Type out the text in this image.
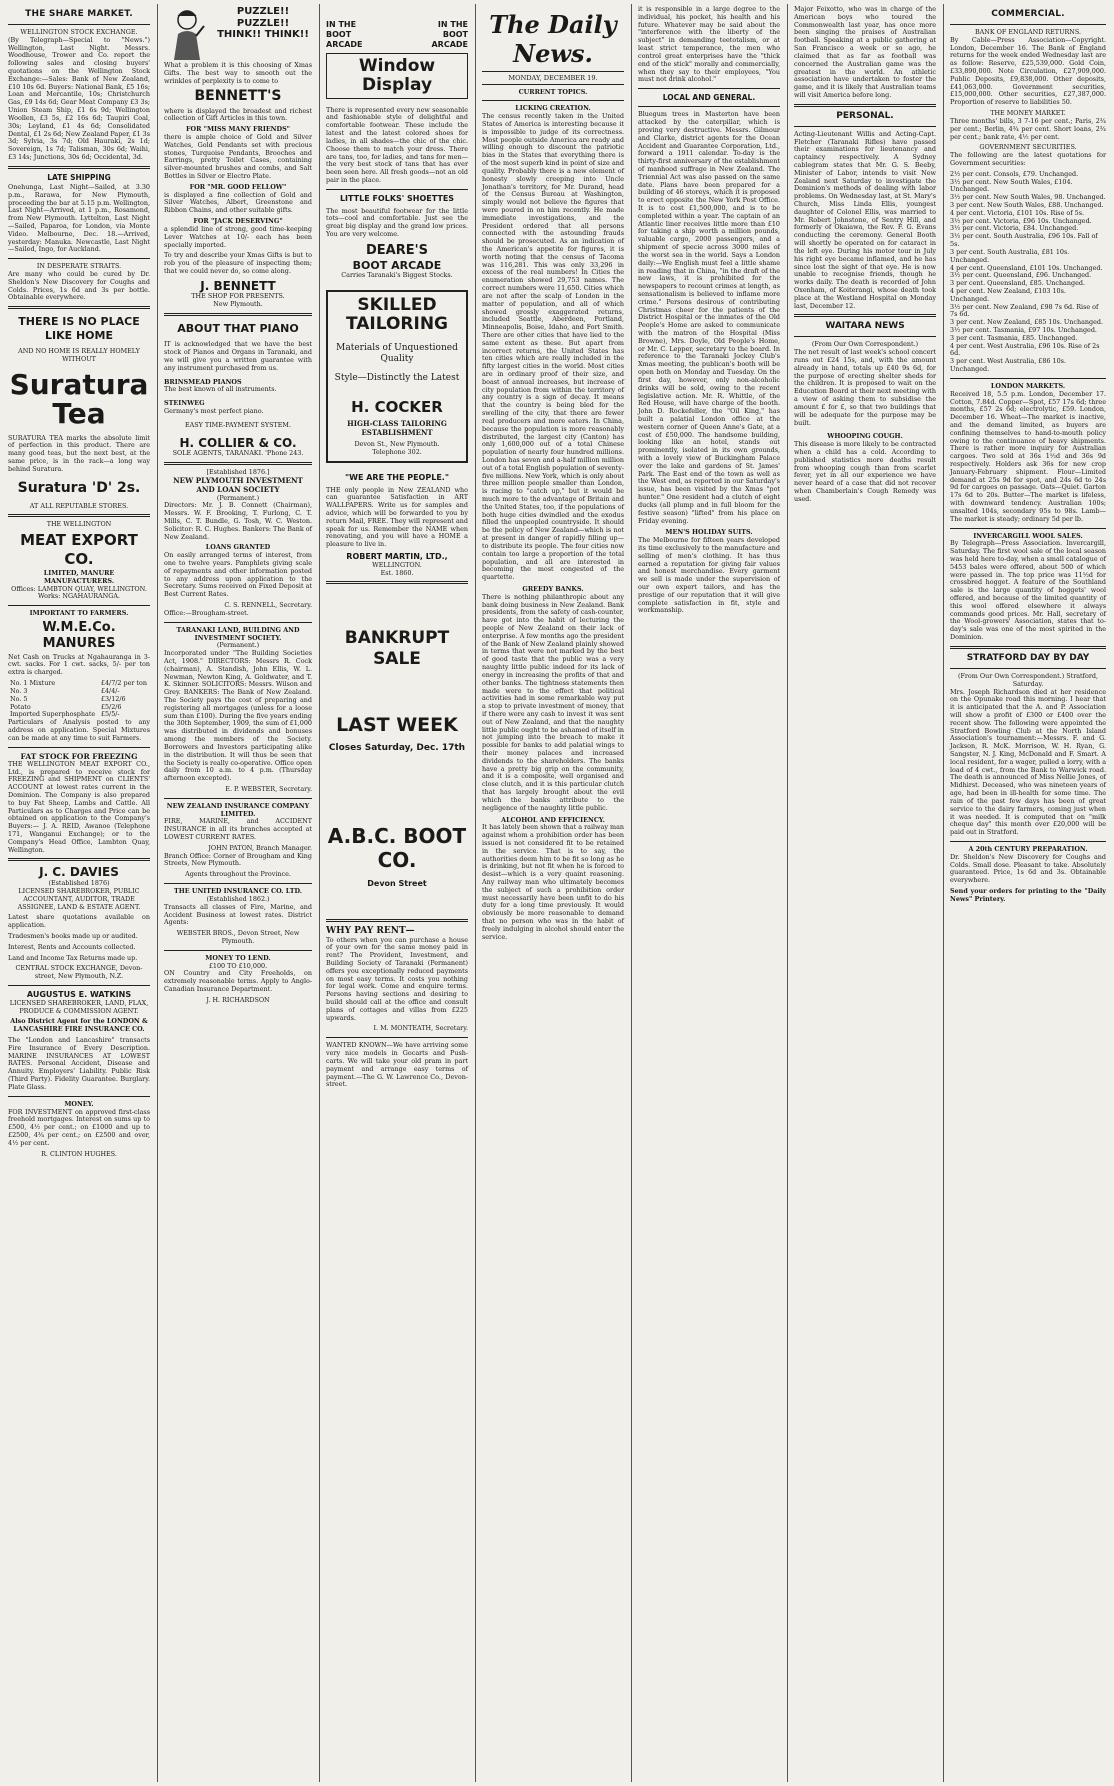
THE SHARE MARKET.
WELLINGTON STOCK EXCHANGE.

(By Telegraph—Special to "News.") Wellington, Last Night. Messrs. Woodhouse, Trower and Co. report the following sales and closing buyers' quotations on the Wellington Stock Exchange:—Sales: Bank of New Zealand, £10 10s 6d. Buyers: National Bank, £5 16s; Loan and Mercantile, 10s; Christchurch Gas, £9 14s 6d; Gear Meat Company £3 3s; Union Steam Ship, £1 6s 9d; Wellington Woollen, £3 5s, £2 16s 6d; Taupiri Coal, 30s; Leyland, £1 4s 6d; Consolidated Dental, £1 2s 6d; New Zealand Paper, £1 3s 3d; Sylvia, 3s 7d; Old Hauraki, 2s 1d; Sovereign, 1s 7d; Talisman, 30s 6d; Waihi, £3 14s; Junctions, 30s 6d; Occidental, 3d.

LATE SHIPPING

Onehunga, Last Night—Sailed, at 3.30 p.m., Rarawa, for New Plymouth, proceeding the bar at 5.15 p.m. Wellington, Last Night—Arrived, at 1 p.m., Rosamond, from New Plymouth. Lyttelton, Last Night—Sailed, Paparoa, for London, via Monte Video. Melbourne, Dec. 18.—Arrived, yesterday: Manuka. Newcastle, Last Night—Sailed, Ingo, for Auckland.

IN DESPERATE STRAITS.

Are many who could be cured by Dr. Sheldon's New Discovery for Coughs and Colds. Prices, 1s 6d and 3s per bottle. Obtainable everywhere.

THERE IS NO PLACE LIKE HOME
AND NO HOME IS REALLY HOMELY WITHOUT
Suratura Tea

SURATURA TEA marks the absolute limit of perfection in this product. There are many good teas, but the next best, at the same price, is in the rack—a long way behind Suratura.

Suratura 'D' 2s.
AT ALL REPUTABLE STORES.
THE WELLINGTON
MEAT EXPORT CO.
LIMITED, MANURE MANUFACTURERS.
Offices: LAMBTON QUAY, WELLINGTON. Works: NGAHAURANGA.
IMPORTANT TO FARMERS.
W.M.E.Co. MANURES

Net Cash on Trucks at Ngahauranga in 3-cwt. sacks. For 1 cwt. sacks, 5/- per ton extra is charged.

No. 1 Mixture	£4/7/2 per ton
No. 3	£4/4/-
No. 5	£3/12/6
Potato	£5/2/6
Imported Superphosphate	£5/5/-

Particulars of Analysis posted to any address on application. Special Mixtures can be made at any time to suit Farmers.

FAT STOCK FOR FREEZING

THE WELLINGTON MEAT EXPORT CO., Ltd., is prepared to receive stock for FREEZING and SHIPMENT on CLIENTS' ACCOUNT at lowest rates current in the Dominion. The Company is also prepared to buy Fat Sheep, Lambs and Cattle. All Particulars as to Charges and Price can be obtained on application to the Company's Buyers:— J. A. REID, Awanoe (Telephone 171, Wanganui Exchange); or to the Company's Head Office, Lambton Quay, Wellington.

J. C. DAVIES
(Established 1876)

LICENSED SHAREBROKER, PUBLIC ACCOUNTANT, AUDITOR, TRADE ASSIGNEE, LAND & ESTATE AGENT.

Latest share quotations available on application.

Tradesmen's books made up or audited.

Interest, Rents and Accounts collected.

Land and Income Tax Returns made up.

CENTRAL STOCK EXCHANGE, Devon-street, New Plymouth, N.Z.

AUGUSTUS E. WATKINS

LICENSED SHAREBROKER, LAND, FLAX, PRODUCE & COMMISSION AGENT.

Also District Agent for the LONDON & LANCASHIRE FIRE INSURANCE CO.

The "London and Lancashire" transacts Fire Insurance of Every Description. MARINE INSURANCES AT LOWEST RATES. Personal Accident, Disease and Annuity. Employers' Liability. Public Risk (Third Party). Fidelity Guarantee. Burglary. Plate Glass.

MONEY.

FOR INVESTMENT on approved first-class freehold mortgages. Interest on sums up to £500, 4½ per cent.; on £1000 and up to £2500, 4¾ per cent.; on £2500 and over, 4½ per cent.

R. CLINTON HUGHES.
PUZZLE!! PUZZLE!! THINK!! THINK!!

What a problem it is this choosing of Xmas Gifts. The best way to smooth out the wrinkles of perplexity is to come to

BENNETT'S

where is displayed the broadest and richest collection of Gift Articles in this town.

FOR "MISS MANY FRIENDS"

there is ample choice of Gold and Silver Watches, Gold Pendants set with precious stones, Turquoise Pendants, Brooches and Earrings, pretty Toilet Cases, containing silver-mounted brushes and combs, and Salt Bottles in Silver or Electro Plate.

FOR "MR. GOOD FELLOW"

is displayed a fine collection of Gold and Silver Watches, Albert, Greenstone and Ribbon Chains, and other suitable gifts.

FOR "JACK DESERVING"

a splendid line of strong, good time-keeping Lever Watches at 10/- each has been specially imported.

To try and describe your Xmas Gifts is but to rob you of the pleasure of inspecting them; that we could never do, so come along.

J. BENNETT
THE SHOP FOR PRESENTS.
New Plymouth.
ABOUT THAT PIANO

IT is acknowledged that we have the best stock of Pianos and Organs in Taranaki, and we will give you a written guarantee with any instrument purchased from us.

BRINSMEAD PIANOS

The best known of all instruments.

STEINWEG

Germany's most perfect piano.

EASY TIME-PAYMENT SYSTEM.
H. COLLIER & CO.
SOLE AGENTS, TARANAKI. 'Phone 243.
[Established 1876.]
NEW PLYMOUTH INVESTMENT AND LOAN SOCIETY
(Permanent.)

Directors: Mr. J. B. Connett (Chairman), Messrs. W. F. Brooking, T. Furlong, C. T. Mills, C. T. Bundle, G. Tosh, W. C. Weston. Solicitor: R. C. Hughes. Bankers: The Bank of New Zealand.

LOANS GRANTED

On easily arranged terms of interest, from one to twelve years. Pamphlets giving scale of repayments and other information posted to any address upon application to the Secretary. Sums received on Fixed Deposit at Best Current Rates.

C. S. RENNELL, Secretary.
Office:—Brougham-street.
TARANAKI LAND, BUILDING AND INVESTMENT SOCIETY.
(Permanent.)

Incorporated under "The Building Societies Act, 1908." DIRECTORS: Messrs R. Cock (chairman), A. Standish, John Ellis, W. L. Newman, Newton King, A. Goldwater, and T. K. Skinner. SOLICITORS: Messrs. Wilson and Grey. BANKERS: The Bank of New Zealand. The Society pays the cost of preparing and registering all mortgages (unless for a loose sum than £100). During the five years ending the 30th September, 1909, the sum of £1,000 was distributed in dividends and bonuses among the members of the Society. Borrowers and Investors participating alike in the distribution. It will thus be seen that the Society is really co-operative. Office open daily from 10 a.m. to 4 p.m. (Thursday afternoon excepted).

E. P. WEBSTER, Secretary.
NEW ZEALAND INSURANCE COMPANY LIMITED.

FIRE, MARINE, and ACCIDENT INSURANCE in all its branches accepted at LOWEST CURRENT RATES.

JOHN PATON, Branch Manager.

Branch Office: Corner of Brougham and King Streets, New Plymouth.

Agents throughout the Province.
THE UNITED INSURANCE CO. LTD.
(Established 1862.)

Transacts all classes of Fire, Marine, and Accident Business at lowest rates. District Agents:

WEBSTER BROS., Devon Street, New Plymouth.
MONEY TO LEND.
£100 TO £10,000.

ON Country and City Freeholds, on extremely reasonable terms. Apply to Anglo-Canadian Insurance Department.

J. H. RICHARDSON
IN THE BOOT ARCADE
IN THE BOOT ARCADE
Window Display

There is represented every new seasonable and fashionable style of delightful and comfortable footwear. These include the latest and the latest colored shoes for ladies, in all shades—the chic of the chic. Choose them to match your dress. There are tans, too, for ladies, and tans for men—the very best stock of tans that has ever been seen here. All fresh goods—not an old pair in the place.

LITTLE FOLKS' SHOETTES

The most beautiful footwear for the little tots—cool and comfortable. Just see the great big display and the grand low prices. You are very welcome.

DEARE'S
BOOT ARCADE
Carries Taranaki's Biggest Stocks.
SKILLED TAILORING
Materials of Unquestioned Quality
Style—Distinctly the Latest
H. COCKER
HIGH-CLASS TAILORING ESTABLISHMENT
Devon St., New Plymouth.
Telephone 302.
"WE ARE THE PEOPLE."

THE only people in New ZEALAND who can guarantee Satisfaction in ART WALLPAPERS. Write us for samples and advice, which will be forwarded to you by return Mail, FREE. They will represent and speak for us. Remember the NAME when renovating, and you will have a HOME a pleasure to live in.

ROBERT MARTIN, LTD.,
WELLINGTON.
Est. 1860.
BANKRUPT SALE
LAST WEEK
Closes Saturday, Dec. 17th
A.B.C. BOOT CO.
Devon Street
WHY PAY RENT—

To others when you can purchase a house of your own for the same money paid in rent? The Provident, Investment, and Building Society of Taranaki (Permanent) offers you exceptionally reduced payments on most easy terms. It costs you nothing for legal work. Come and enquire terms. Persons having sections and desiring to build should call at the office and consult plans of cottages and villas from £225 upwards.

I. M. MONTEATH, Secretary.

WANTED KNOWN—We have arriving some very nice models in Gocarts and Push-carts. We will take your old pram in part payment and arrange easy terms of payment.—The G. W. Lawrence Co., Devon-street.

The Daily News.
MONDAY, DECEMBER 19.
CURRENT TOPICS.
LICKING CREATION.

The census recently taken in the United States of America is interesting because it is impossible to judge of its correctness. Most people outside America are ready and willing enough to discount the patriotic bias in the States that everything there is of the most superb kind in point of size and quality. Probably there is a new element of honesty slowly creeping into Uncle Jonathan's territory, for Mr. Durand, head of the Census Bureau at Washington, simply would not believe the figures that were poured in on him recently. He made immediate investigations, and the President ordered that all persons connected with the astounding frauds should be prosecuted. As an indication of the American's appetite for figures, it is worth noting that the census of Tacoma was 116,281. This was only 33,296 in excess of the real numbers! In Cities the enumeration showed 29,753 names. The correct numbers were 11,650. Cities which are not after the scalp of London in the matter of population, and all of which showed grossly exaggerated returns, included Seattle, Aberdeen, Portland, Minneapolis, Boise, Idaho, and Fort Smith. There are other cities that have lied to the same extent as these. But apart from incorrect returns, the United States has ten cities which are really included in the fifty largest cities in the world. Most cities are in ordinary proof of their size, and boast of annual increases, but increase of city population from within the territory of any country is a sign of decay. It means that the country is being bled for the swelling of the city, that there are fewer real producers and more eaters. In China, because the population is more reasonably distributed, the largest city (Canton) has only 1,600,000 out of a total Chinese population of nearly four hundred millions. London has seven and a-half million million out of a total English population of seventy-five millions. New York, which is only about three million people smaller than London, is racing to "catch up," but it would be much more to the advantage of Britain and the United States, too, if the populations of both huge cities dwindled and the exodus filled the unpeopled countryside. It should be the policy of New Zealand—which is not at present in danger of rapidly filling up—to distribute its people. The four cities now contain too large a proportion of the total population, and all are interested in becoming the most congested of the quartette.

GREEDY BANKS.

There is nothing philanthropic about any bank doing business in New Zealand. Bank presidents, from the safety of cash-counter, have got into the habit of lecturing the people of New Zealand on their lack of enterprise. A few months ago the president of the Bank of New Zealand plainly showed in terms that were not marked by the best of good taste that the public was a very naughty little public indeed for its lack of energy in increasing the profits of that and other banks. The tightness statements then made were to the effect that political activities had in some remarkable way put a stop to private investment of money, that if there were any cash to invest it was sent out of New Zealand, and that the naughty little public ought to be ashamed of itself in not jumping into the breach to make it possible for banks to add palatial wings to their money palaces and increased dividends to the shareholders. The banks have a pretty big grip on the community, and it is a composite, well organised and close clutch, and it is this particular clutch that has largely brought about the evil which the banks attribute to the negligence of the naughty little public.

ALCOHOL AND EFFICIENCY.

It has lately been shown that a railway man against whom a prohibition order has been issued is not considered fit to be retained in the service. That is to say, the authorities deem him to be fit so long as he is drinking, but not fit when he is forced to desist—which is a very quaint reasoning. Any railway man who ultimately becomes the subject of such a prohibition order must necessarily have been unfit to do his duty for a long time previously. It would obviously be more reasonable to demand that no person who was in the habit of freely indulging in alcohol should enter the service.

it is responsible in a large degree to the individual, his pocket, his health and his future. Whatever may be said about the "interference with the liberty of the subject" in demanding teetotalism, or at least strict temperance, the men who control great enterprises have the "thick end of the stick" morally and commercially, when they say to their employees, "You must not drink alcohol."

LOCAL AND GENERAL.

Bluegum trees in Masterton have been attacked by the caterpillar, which is proving very destructive. Messrs. Gilmour and Clarke, district agents for the Ocean Accident and Guarantee Corporation, Ltd., forward a 1911 calendar. To-day is the thirty-first anniversary of the establishment of manhood suffrage in New Zealand. The Triennial Act was also passed on the same date. Plans have been prepared for a building of 46 storeys, which it is proposed to erect opposite the New York Post Office. It is to cost £1,500,000, and is to be completed within a year. The captain of an Atlantic liner receives little more than £10 for taking a ship worth a million pounds, valuable cargo, 2000 passengers, and a shipment of specie across 3000 miles of the worst sea in the world. Says a London daily:—We English must feel a little shame in reading that in China, "in the draft of the new laws, it is prohibited for the newspapers to recount crimes at length, as sensationalism is believed to inflame more crime." Persons desirous of contributing Christmas cheer for the patients of the District Hospital or the inmates of the Old People's Home are asked to communicate with the matron of the Hospital (Miss Browne), Mrs. Doyle, Old People's Home, or Mr. C. Lepper, secretary to the board. In reference to the Taranaki Jockey Club's Xmas meeting, the publican's booth will be open both on Monday and Tuesday. On the first day, however, only non-alcoholic drinks will be sold, owing to the recent legislative action. Mr. R. Whittle, of the Red House, will have charge of the booth. John D. Rockefeller, the "Oil King," has built a palatial London office at the western corner of Queen Anne's Gate, at a cost of £50,000. The handsome building, looking like an hotel, stands out prominently, isolated in its own grounds, with a lovely view of Buckingham Palace over the lake and gardens of St. James' Park. The East end of the town as well as the West end, as reported in our Saturday's issue, has been visited by the Xmas "pot hunter." One resident had a clutch of eight ducks (all plump and in full bloom for the festive season) "lifted" from his place on Friday evening.

MEN'S HOLIDAY SUITS.

The Melbourne for fifteen years developed its time exclusively to the manufacture and selling of men's clothing. It has thus earned a reputation for giving fair values and honest merchandise. Every garment we sell is made under the supervision of our own expert tailors, and has the prestige of our reputation that it will give complete satisfaction in fit, style and workmanship.

Major Feixotto, who was in charge of the American boys who toured the Commonwealth last year, has once more been singing the praises of Australian football. Speaking at a public gathering at San Francisco a week or so ago, he claimed that as far as football was concerned the Australian game was the greatest in the world. An athletic association have undertaken to foster the game, and it is likely that Australian teams will visit America before long.

PERSONAL.

Acting-Lieutenant Willis and Acting-Capt. Fletcher (Taranaki Rifles) have passed their examinations for lieutenancy and captaincy respectively. A Sydney cablegram states that Mr. G. S. Beeby, Minister of Labor, intends to visit New Zealand next Saturday to investigate the Dominion's methods of dealing with labor problems. On Wednesday last, at St. Mary's Church, Miss Linda Ellis, youngest daughter of Colonel Ellis, was married to Mr. Robert Johnstone, of Sentry Hill, and formerly of Okaiawa, the Rev. F. G. Evans conducting the ceremony. General Booth will shortly be operated on for cataract in the left eye. During his motor tour in July his right eye became inflamed, and he has since lost the sight of that eye. He is now unable to recognise friends, though he works daily. The death is recorded of John Oxenham, of Koiterangi, whose death took place at the Westland Hospital on Monday last, December 12.

WAITARA NEWS
(From Our Own Correspondent.)

The net result of last week's school concert runs out £24 15s, and, with the amount already in hand, totals up £40 9s 6d, for the purpose of erecting shelter sheds for the children. It is proposed to wait on the Education Board at their next meeting with a view of asking them to subsidise the amount £ for £, so that two buildings that will be adequate for the purpose may be built.

WHOOPING COUGH.

This disease is more likely to be contracted when a child has a cold. According to published statistics more deaths result from whooping cough than from scarlet fever, yet in all our experience we have never heard of a case that did not recover when Chamberlain's Cough Remedy was used.

COMMERCIAL.
BANK OF ENGLAND RETURNS.

By Cable—Press Association—Copyright. London, December 16. The Bank of England returns for the week ended Wednesday last are as follow: Reserve, £25,539,000. Gold Coin, £33,890,000. Note Circulation, £27,909,000. Public Deposits, £9,838,000. Other deposits, £41,063,000. Government securities, £15,000,000. Other securities, £27,387,000. Proportion of reserve to liabilities 50.

THE MONEY MARKET.

Three months' bills, 3 7-16 per cent.; Paris, 2¾ per cent.; Berlin, 4¾ per cent. Short loans, 2¾ per cent.; bank rate, 4½ per cent.

GOVERNMENT SECURITIES.

The following are the latest quotations for Government securities:

2½ per cent. Consols, £79. Unchanged.
3½ per cent. New South Wales, £104. Unchanged.
3½ per cent. New South Wales, 98. Unchanged.
3 per cent. New South Wales, £88. Unchanged.
4 per cent. Victoria, £101 10s. Rise of 5s.
3½ per cent. Victoria, £96 10s. Unchanged.
3½ per cent. Victoria, £84. Unchanged.
3½ per cent. South Australia, £96 10s. Fall of 5s.
3 per cent. South Australia, £81 10s. Unchanged.
4 per cent. Queensland, £101 10s. Unchanged.
3½ per cent. Queensland, £96. Unchanged.
3 per cent. Queensland, £85. Unchanged.
4 per cent. New Zealand, £103 10s. Unchanged.
3½ per cent. New Zealand, £98 7s 6d. Rise of 7s 6d.
3 per cent. New Zealand, £85 10s. Unchanged.
3½ per cent. Tasmania, £97 10s. Unchanged.
3 per cent. Tasmania, £85. Unchanged.
4 per cent. West Australia, £96 10s. Rise of 2s 6d.
3 per cent. West Australia, £86 10s. Unchanged.
LONDON MARKETS.

Received 18, 5.5 p.m. London, December 17. Cotton, 7.84d. Copper—Spot, £57 17s 6d; three months, £57 2s 6d; electrolytic, £59. London, December 16. Wheat—The market is inactive, and the demand limited, as buyers are confining themselves to hand-to-mouth policy owing to the continuance of heavy shipments. There is rather more inquiry for Australian cargoes. Two sold at 36s 1½d and 36s 9d respectively. Holders ask 36s for new crop January-February shipment. Flour—Limited demand at 25s 9d for spot, and 24s 6d to 24s 9d for cargoes on passage. Oats—Quiet. Garton 17s 6d to 20s. Butter—The market is lifeless, with downward tendency. Australian 100s; unsalted 104s, secondary 95s to 98s. Lamb—The market is steady; ordinary 5d per lb.

INVERCARGILL WOOL SALES.

By Telegraph—Press Association. Invercargill, Saturday. The first wool sale of the local season was held here to-day, when a small catalogue of 5453 bales were offered, about 500 of which were passed in. The top price was 11½d for crossbred hogget. A feature of the Southland sale is the large quantity of hoggets' wool offered, and because of the limited quantity of this wool offered elsewhere it always commands good prices. Mr. Hall, secretary of the Wool-growers' Association, states that to-day's sale was one of the most spirited in the Dominion.

STRATFORD DAY BY DAY
(From Our Own Correspondent.) Stratford, Saturday.

Mrs. Joseph Richardson died at her residence on the Opunake road this morning. I hear that it is anticipated that the A. and P. Association will show a profit of £300 or £400 over the recent show. The following were appointed the Stratford Bowling Club at the North Island Association's tournament:—Messrs. F. and G. Jackson, R. McK. Morrison, W. H. Ryan, G. Sangster, N. J. King, McDonald and F. Smart. A local resident, for a wager, pulled a lorry, with a load of 4 cwt., from the Bank to Warwick road. The death is announced of Miss Nellie Jones, of Midhirst. Deceased, who was nineteen years of age, had been in ill-health for some time. The rain of the past few days has been of great service to the dairy farmers, coming just when it was needed. It is computed that on "milk cheque day" this month over £20,000 will be paid out in Stratford.

A 20th CENTURY PREPARATION.

Dr. Sheldon's New Discovery for Coughs and Colds. Small dose. Pleasant to take. Absolutely guaranteed. Price, 1s 6d and 3s. Obtainable everywhere.

Send your orders for printing to the "Daily News" Printery.
